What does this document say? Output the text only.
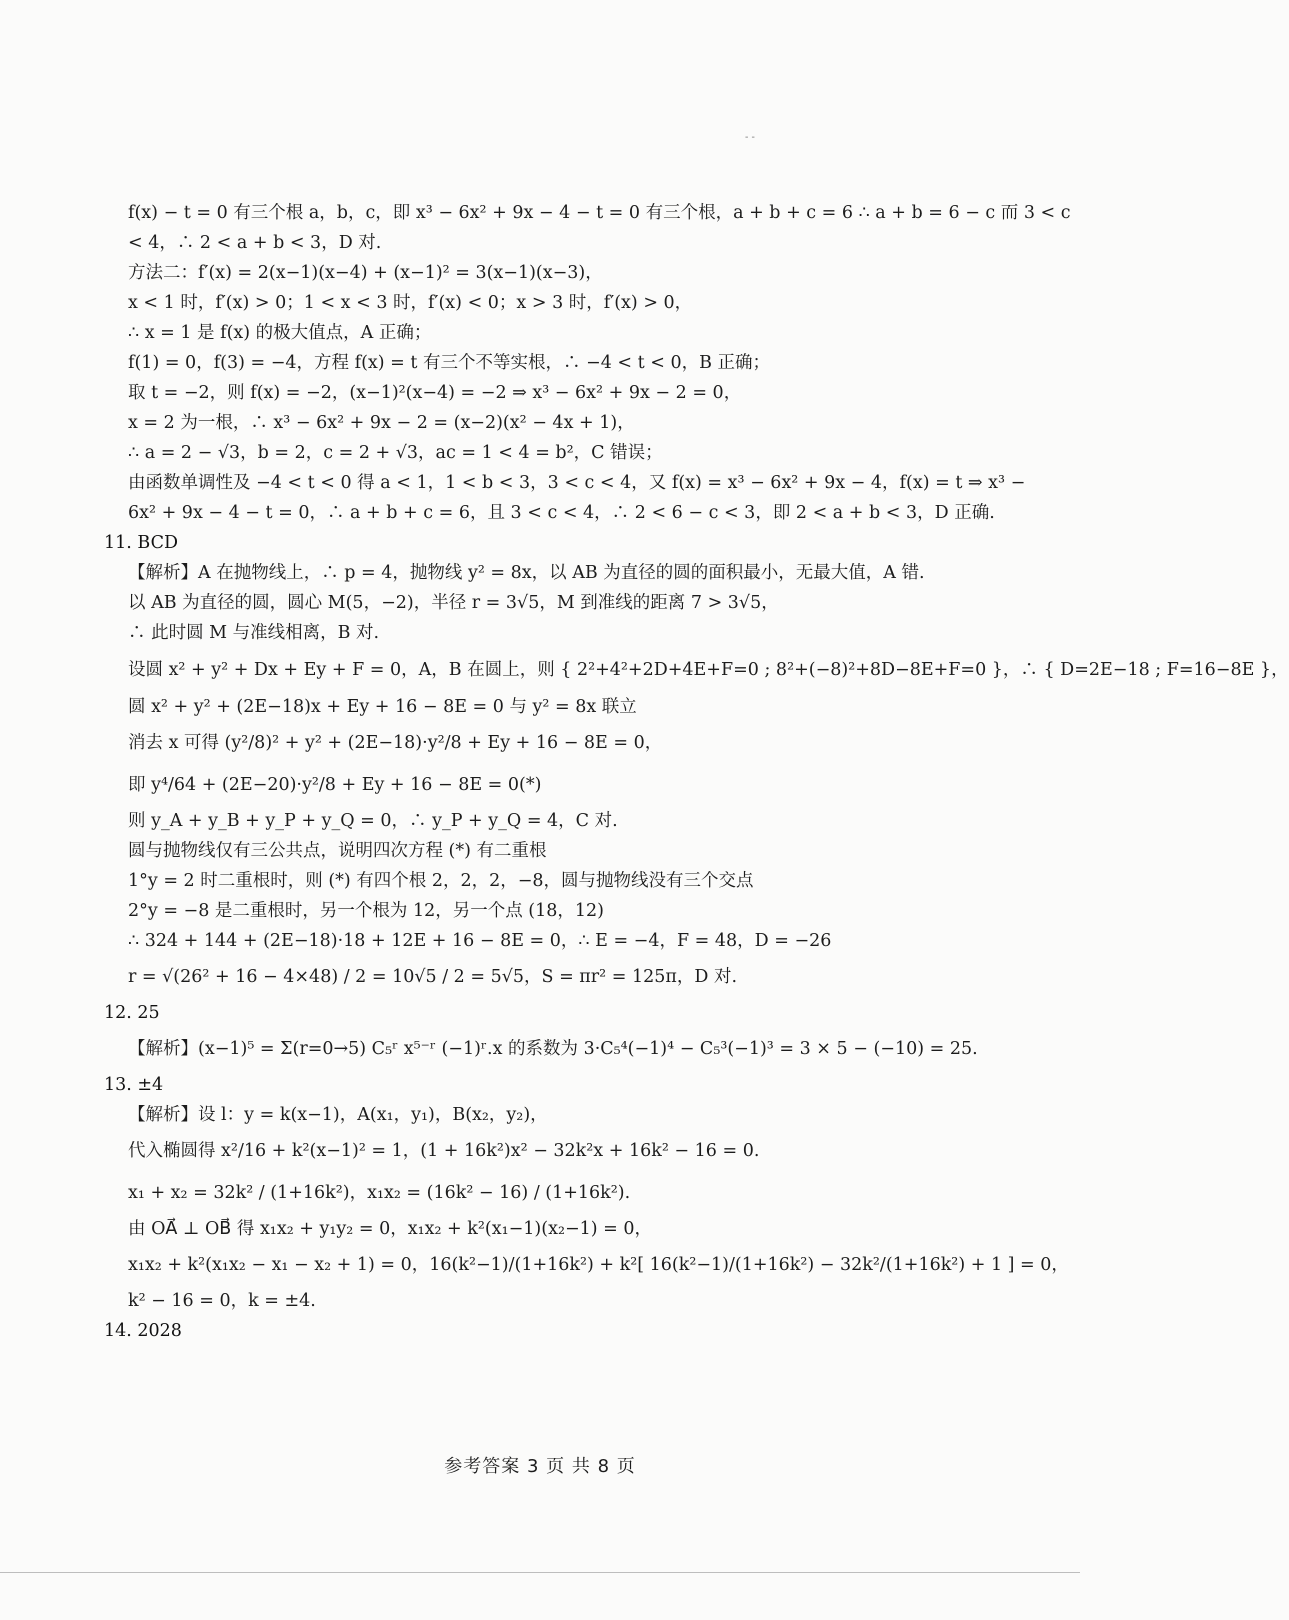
- -
f(x) − t = 0 有三个根 a，b，c，即 x³ − 6x² + 9x − 4 − t = 0 有三个根，a + b + c = 6 ∴ a + b = 6 − c 而 3 < c
< 4，∴ 2 < a + b < 3，D 对.
方法二：f′(x) = 2(x−1)(x−4) + (x−1)² = 3(x−1)(x−3)，
x < 1 时，f′(x) > 0；1 < x < 3 时，f′(x) < 0；x > 3 时，f′(x) > 0，
∴ x = 1 是 f(x) 的极大值点，A 正确；
f(1) = 0，f(3) = −4，方程 f(x) = t 有三个不等实根，∴ −4 < t < 0，B 正确；
取 t = −2，则 f(x) = −2，(x−1)²(x−4) = −2 ⇒ x³ − 6x² + 9x − 2 = 0，
x = 2 为一根，∴ x³ − 6x² + 9x − 2 = (x−2)(x² − 4x + 1)，
∴ a = 2 − √3，b = 2，c = 2 + √3，ac = 1 < 4 = b²，C 错误；
由函数单调性及 −4 < t < 0 得 a < 1，1 < b < 3，3 < c < 4，又 f(x) = x³ − 6x² + 9x − 4，f(x) = t ⇒ x³ −
6x² + 9x − 4 − t = 0，∴ a + b + c = 6，且 3 < c < 4，∴ 2 < 6 − c < 3，即 2 < a + b < 3，D 正确.
11. BCD
【解析】A 在抛物线上，∴ p = 4，抛物线 y² = 8x，以 AB 为直径的圆的面积最小，无最大值，A 错.
以 AB 为直径的圆，圆心 M(5，−2)，半径 r = 3√5，M 到准线的距离 7 > 3√5，
∴ 此时圆 M 与准线相离，B 对.
设圆 x² + y² + Dx + Ey + F = 0，A，B 在圆上，则 { 2²+4²+2D+4E+F=0 ; 8²+(−8)²+8D−8E+F=0 }，∴ { D=2E−18 ; F=16−8E }，
圆 x² + y² + (2E−18)x + Ey + 16 − 8E = 0 与 y² = 8x 联立
消去 x 可得 (y²/8)² + y² + (2E−18)·y²/8 + Ey + 16 − 8E = 0，
即 y⁴/64 + (2E−20)·y²/8 + Ey + 16 − 8E = 0(*)
则 y_A + y_B + y_P + y_Q = 0，∴ y_P + y_Q = 4，C 对.
圆与抛物线仅有三公共点，说明四次方程 (*) 有二重根
1°y = 2 时二重根时，则 (*) 有四个根 2，2，2，−8，圆与抛物线没有三个交点
2°y = −8 是二重根时，另一个根为 12，另一个点 (18，12)
∴ 324 + 144 + (2E−18)·18 + 12E + 16 − 8E = 0，∴ E = −4，F = 48，D = −26
r = √(26² + 16 − 4×48) / 2 = 10√5 / 2 = 5√5，S = πr² = 125π，D 对.
12. 25
【解析】(x−1)⁵ = Σ(r=0→5) C₅ʳ x⁵⁻ʳ (−1)ʳ.x 的系数为 3·C₅⁴(−1)⁴ − C₅³(−1)³ = 3 × 5 − (−10) = 25.
13. ±4
【解析】设 l：y = k(x−1)，A(x₁，y₁)，B(x₂，y₂)，
代入椭圆得 x²/16 + k²(x−1)² = 1，(1 + 16k²)x² − 32k²x + 16k² − 16 = 0.
x₁ + x₂ = 32k² / (1+16k²)，x₁x₂ = (16k² − 16) / (1+16k²).
由 OA⃗ ⊥ OB⃗ 得 x₁x₂ + y₁y₂ = 0，x₁x₂ + k²(x₁−1)(x₂−1) = 0，
x₁x₂ + k²(x₁x₂ − x₁ − x₂ + 1) = 0，16(k²−1)/(1+16k²) + k²[ 16(k²−1)/(1+16k²) − 32k²/(1+16k²) + 1 ] = 0，
k² − 16 = 0，k = ±4.
14. 2028
参考答案 3 页 共 8 页
